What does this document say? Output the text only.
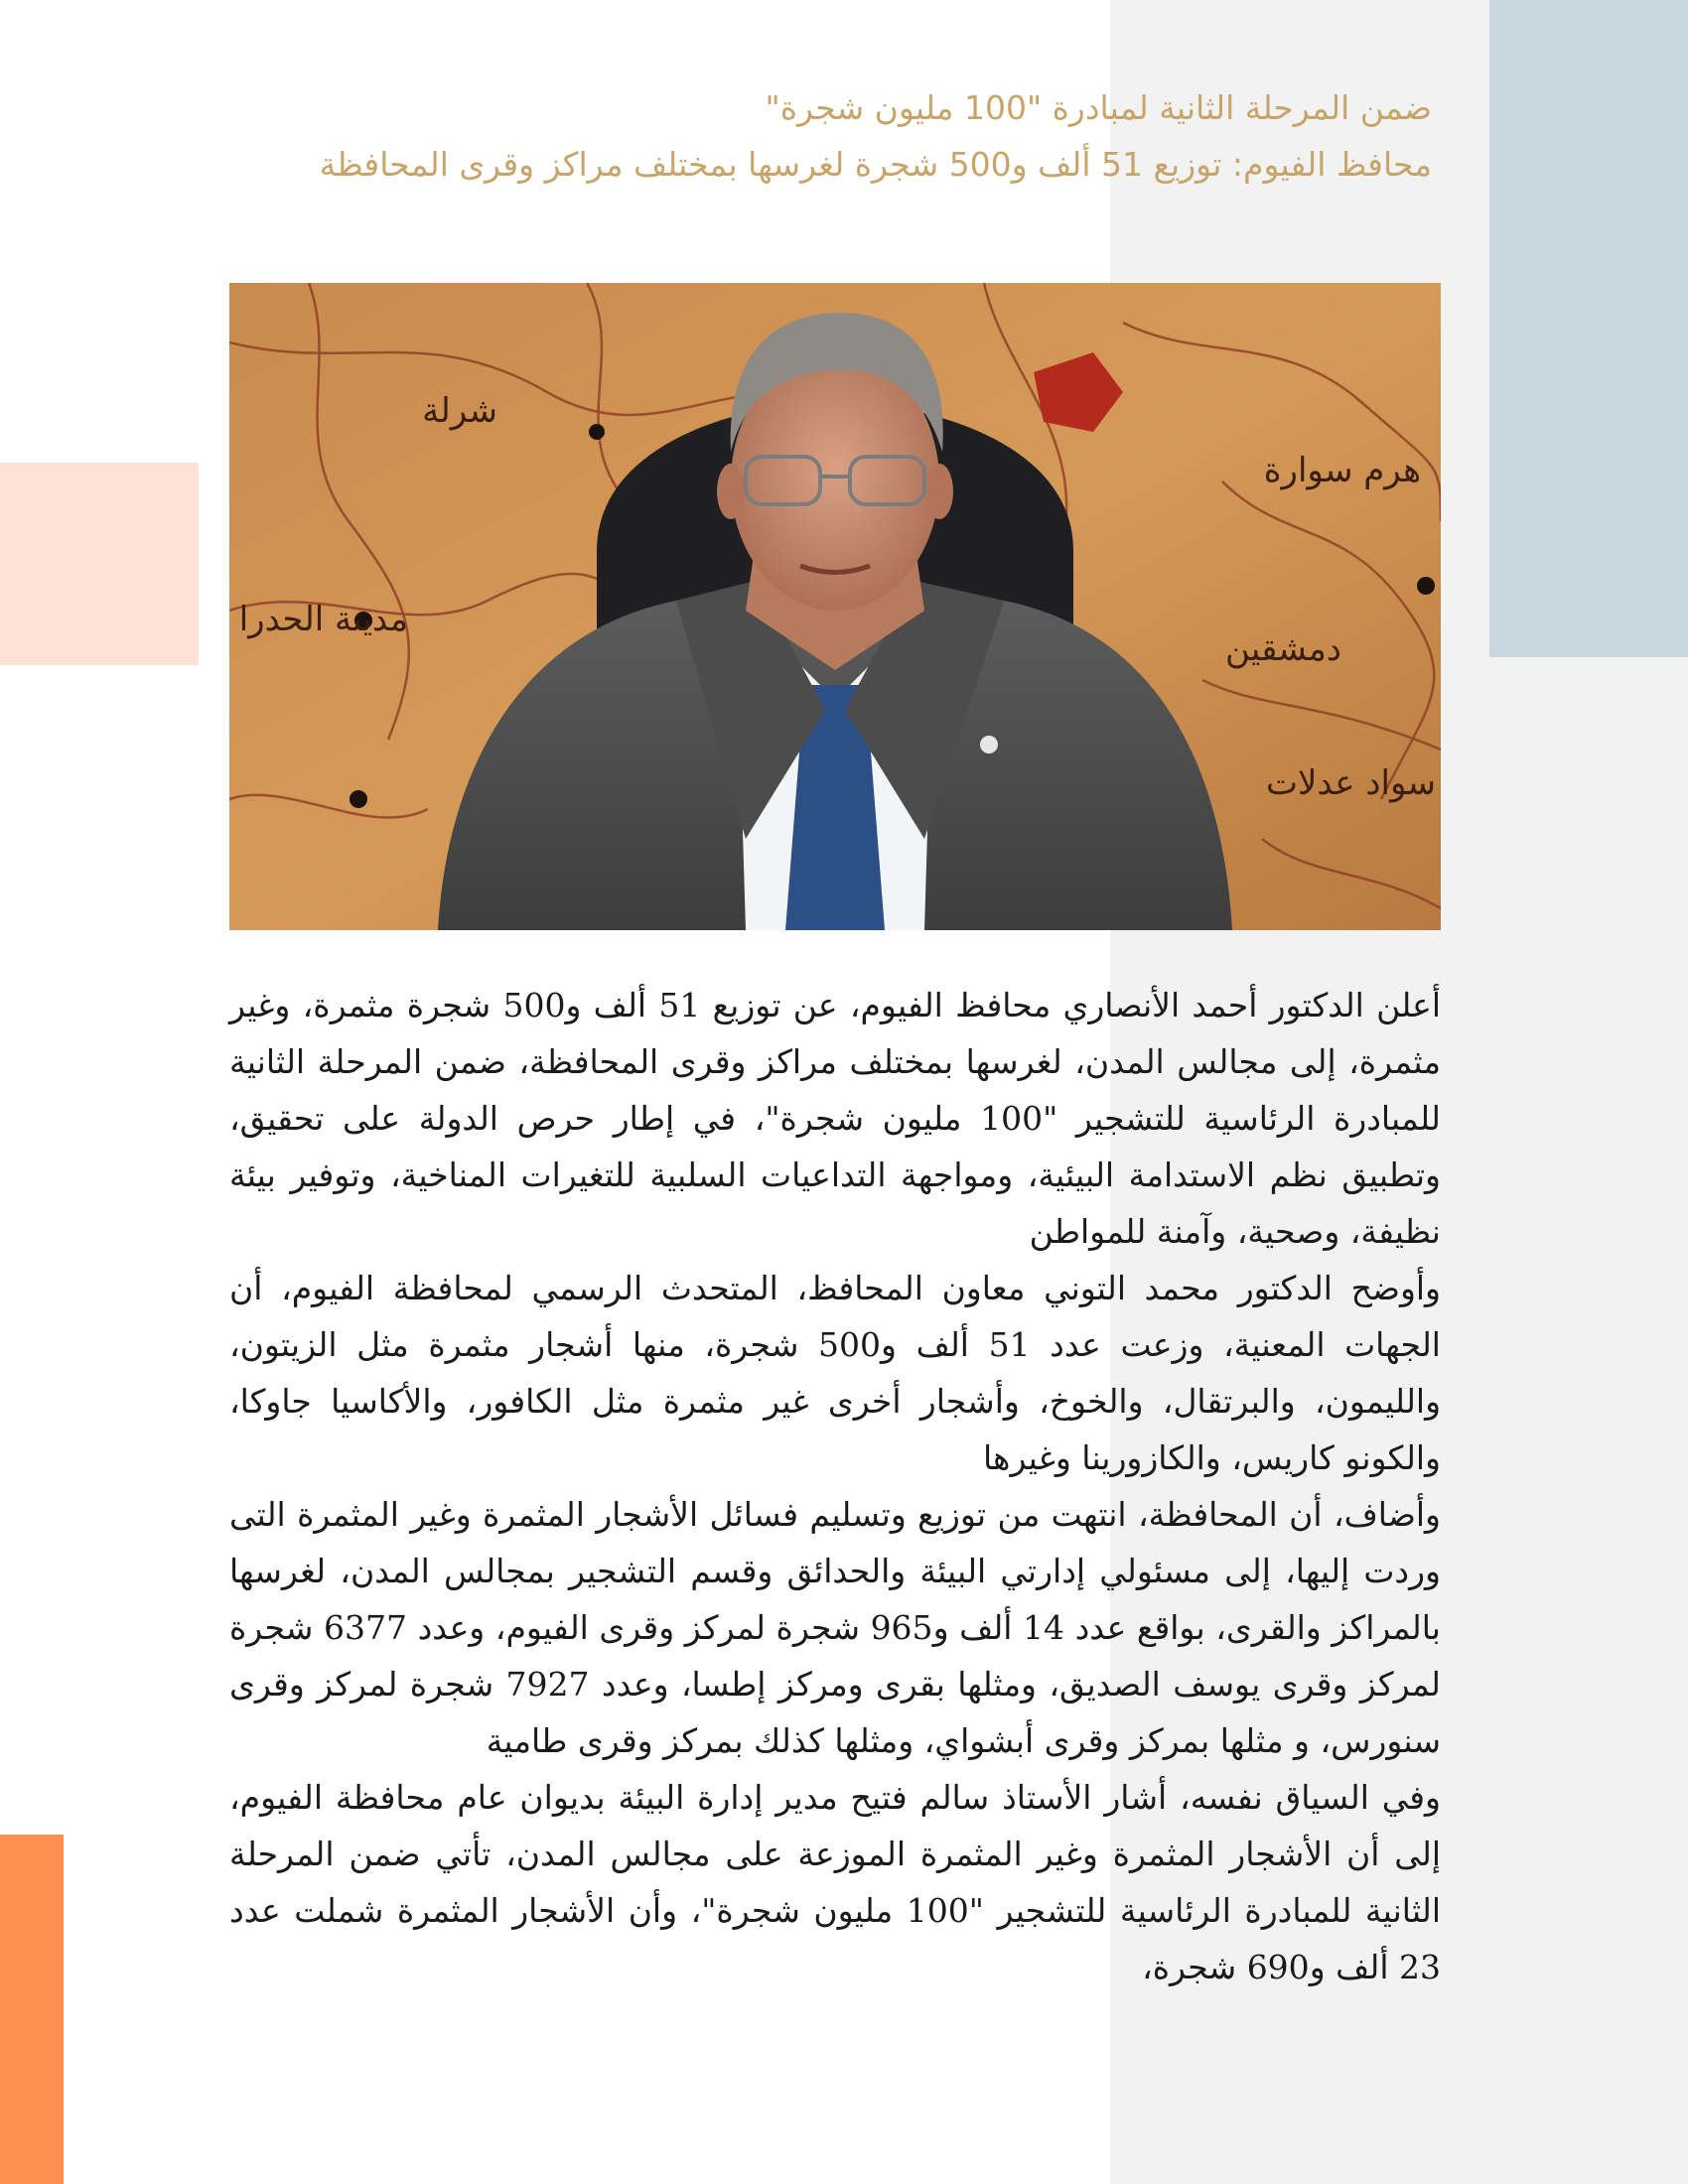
ضمن المرحلة الثانية لمبادرة "100 مليون شجرة"
محافظ الفيوم: توزيع 51 ألف و500 شجرة لغرسها بمختلف مراكز وقرى المحافظة
شرلة
هرم سوارة
مدينة الحدرا
دمشقين
سواد عدلات

أعلن الدكتور أحمد الأنصاري محافظ الفيوم، عن توزيع 51 ألف و500 شجرة مثمرة، وغير مثمرة، إلى مجالس المدن، لغرسها بمختلف مراكز وقرى المحافظة، ضمن المرحلة الثانية للمبادرة الرئاسية للتشجير "100 مليون شجرة"، في إطار حرص الدولة على تحقيق، وتطبيق نظم الاستدامة البيئية، ومواجهة التداعيات السلبية للتغيرات المناخية، وتوفير بيئة نظيفة، وصحية، وآمنة للمواطن

وأوضح الدكتور محمد التوني معاون المحافظ، المتحدث الرسمي لمحافظة الفيوم، أن الجهات المعنية، وزعت عدد 51 ألف و500 شجرة، منها أشجار مثمرة مثل الزيتون، والليمون، والبرتقال، والخوخ، وأشجار أخرى غير مثمرة مثل الكافور، والأكاسيا جاوكا، والكونو كاريس، والكازورينا وغيرها

وأضاف، أن المحافظة، انتهت من توزيع وتسليم فسائل الأشجار المثمرة وغير المثمرة التى وردت إليها، إلى مسئولي إدارتي البيئة والحدائق وقسم التشجير بمجالس المدن، لغرسها بالمراكز والقرى، بواقع عدد 14 ألف و965 شجرة لمركز وقرى الفيوم، وعدد 6377 شجرة لمركز وقرى يوسف الصديق، ومثلها بقرى ومركز إطسا، وعدد 7927 شجرة لمركز وقرى سنورس، و مثلها بمركز وقرى أبشواي، ومثلها كذلك بمركز وقرى طامية

وفي السياق نفسه، أشار الأستاذ سالم فتيح مدير إدارة البيئة بديوان عام محافظة الفيوم، إلى أن الأشجار المثمرة وغير المثمرة الموزعة على مجالس المدن، تأتي ضمن المرحلة الثانية للمبادرة الرئاسية للتشجير "100 مليون شجرة"، وأن الأشجار المثمرة شملت عدد 23 ألف و690 شجرة،
